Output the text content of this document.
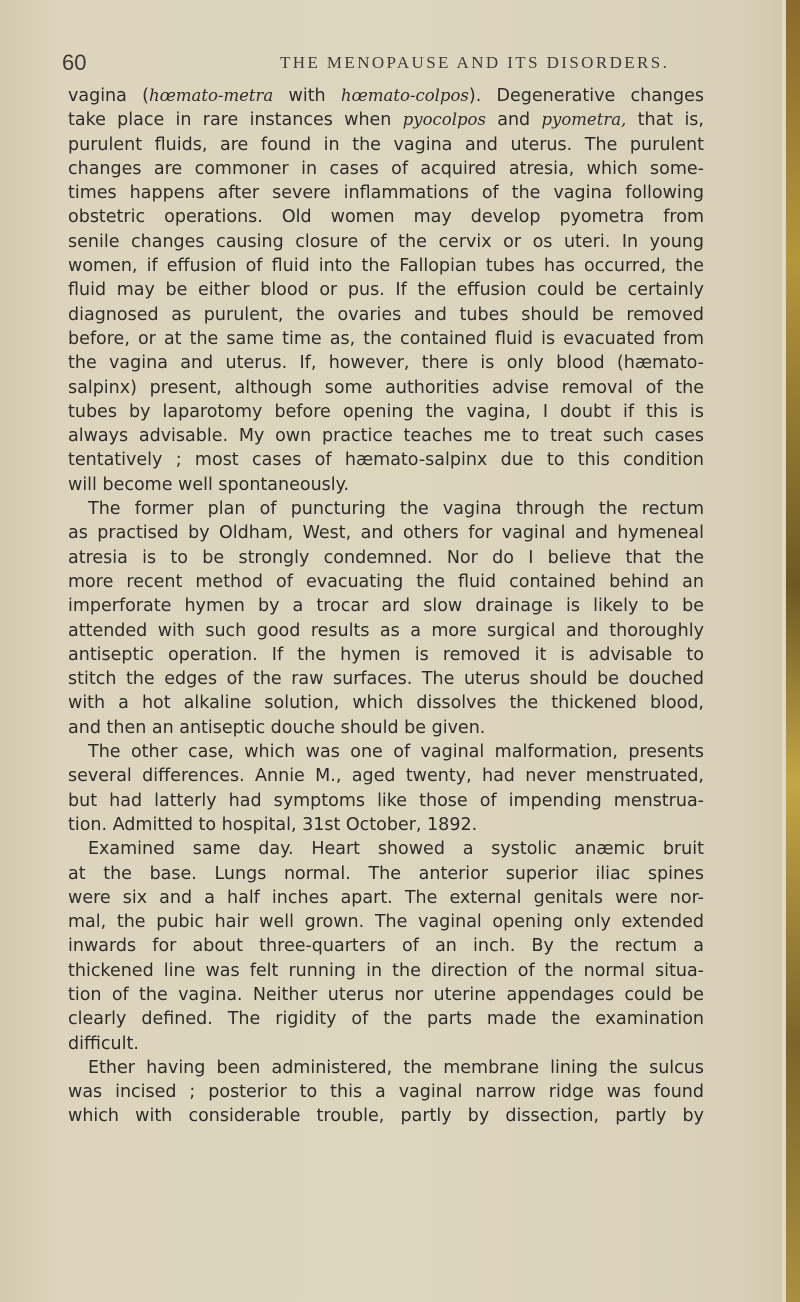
60	THE MENOPAUSE AND ITS DISORDERS.
vagina (hœmato-metra with hœmato-colpos). Degenerative changes
take place in rare instances when pyocolpos and pyometra, that is,
purulent fluids, are found in the vagina and uterus. The purulent
changes are commoner in cases of acquired atresia, which some-
times happens after severe inflammations of the vagina following
obstetric operations. Old women may develop pyometra from
senile changes causing closure of the cervix or os uteri. In young
women, if effusion of fluid into the Fallopian tubes has occurred, the
fluid may be either blood or pus. If the effusion could be certainly
diagnosed as purulent, the ovaries and tubes should be removed
before, or at the same time as, the contained fluid is evacuated from
the vagina and uterus. If, however, there is only blood (hæmato-
salpinx) present, although some authorities advise removal of the
tubes by laparotomy before opening the vagina, I doubt if this is
always advisable. My own practice teaches me to treat such cases
tentatively ; most cases of hæmato-salpinx due to this condition
will become well spontaneously.
The former plan of puncturing the vagina through the rectum
as practised by Oldham, West, and others for vaginal and hymeneal
atresia is to be strongly condemned. Nor do I believe that the
more recent method of evacuating the fluid contained behind an
imperforate hymen by a trocar ard slow drainage is likely to be
attended with such good results as a more surgical and thoroughly
antiseptic operation. If the hymen is removed it is advisable to
stitch the edges of the raw surfaces. The uterus should be douched
with a hot alkaline solution, which dissolves the thickened blood,
and then an antiseptic douche should be given.
The other case, which was one of vaginal malformation, presents
several differences. Annie M., aged twenty, had never menstruated,
but had latterly had symptoms like those of impending menstrua-
tion. Admitted to hospital, 31st October, 1892.
Examined same day. Heart showed a systolic anæmic bruit
at the base. Lungs normal. The anterior superior iliac spines
were six and a half inches apart. The external genitals were nor-
mal, the pubic hair well grown. The vaginal opening only extended
inwards for about three-quarters of an inch. By the rectum a
thickened line was felt running in the direction of the normal situa-
tion of the vagina. Neither uterus nor uterine appendages could be
clearly defined. The rigidity of the parts made the examination
difficult.
Ether having been administered, the membrane lining the sulcus
was incised ; posterior to this a vaginal narrow ridge was found
which with considerable trouble, partly by dissection, partly by
